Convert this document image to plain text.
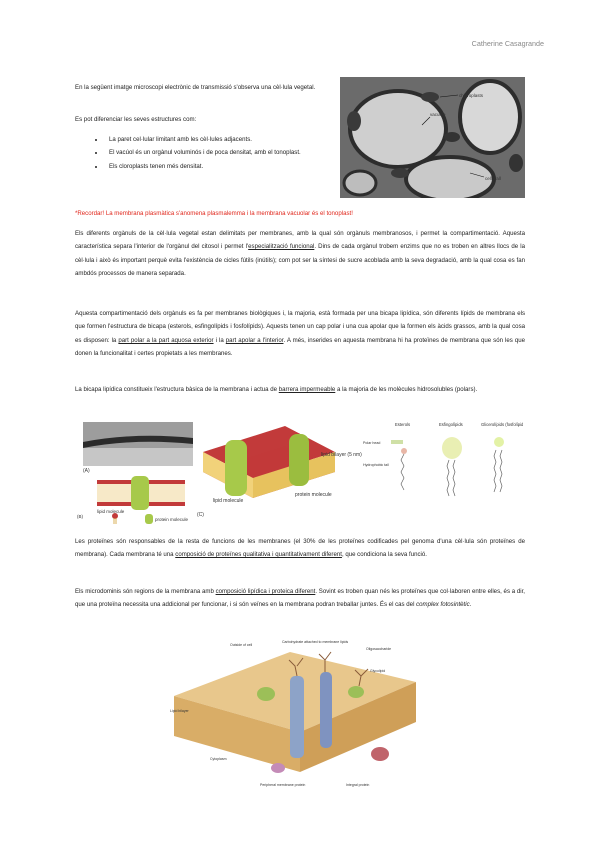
Catherine Casagrande

En la següent imatge microscopi electrònic de transmissió s'observa una cèl·lula vegetal.

Es pot diferenciar les seves estructures com:

• La paret cel·lular limitant amb les cèl·lules adjacents.
• El vacúol és un orgànul voluminós i de poca densitat, amb el tonoplast.
• Els cloroplasts tenen més densitat.
chloroplasts
vacuole
cell wall

*Recordar! La membrana plasmàtica s'anomena plasmalemma i la membrana vacuolar és el tonoplast!

Els diferents orgànuls de la cèl·lula vegetal estan delimitats per membranes, amb la qual són orgànuls membranosos, i permet la compartimentació. Aquesta característica separa l'interior de l'orgànul del citosol i permet l'especialització funcional. Dins de cada orgànul trobem enzims que no es troben en altres llocs de la cèl·lula i això és important perquè evita l'existència de cicles fútils (inútils); com pot ser la síntesi de sucre acoblada amb la seva degradació, amb la qual cosa es fan ambdós processos de manera separada.

Aquesta compartimentació dels orgànuls es fa per membranes biològiques i, la majoria, està formada per una bicapa lipídica, són diferents lípids de membrana els que formen l'estructura de bicapa (esterols, esfingolípids i fosfolípids). Aquests tenen un cap polar i una cua apolar que la formen els àcids grassos, amb la qual cosa es disposen: la part polar a la part aquosa exterior i la part apolar a l'interior. A més, inserides en aquesta membrana hi ha proteïnes de membrana que són les que donen la funcionalitat i certes propietats a les membranes.

La bicapa lipídica constitueix l'estructura bàsica de la membrana i actua de barrera impermeable a la majoria de les molècules hidrosolubles (polars).

(A)
(B)
lipid molecule
protein molecule
(C)
lipid bilayer (5 nm)
lipid molecule
protein molecule
Esterols	Esfingolípids	Glicerolípids (fosfolípids)
Polar head
Hydrophobic tail

Les proteïnes són responsables de la resta de funcions de les membranes (el 30% de les proteïnes codificades pel genoma d'una cèl·lula són proteïnes de membrana). Cada membrana té una composició de proteïnes qualitativa i quantitativament diferent, que condiciona la seva funció.

Els microdominis són regions de la membrana amb composició lipídica i proteica diferent. Sovint es troben quan nés les proteïnes que col·laboren entre elles, és a dir, que una proteïna necessita una addicional per funcionar, i si són veïnes en la membrana podran treballar juntes. És el cas del complex fotosintètic.

Outside of cell
Carbohydrate attached to membrane lipids
Oligosaccharide
Glycolipid
Lipid bilayer
Integral protein
Peripheral membrane protein
Cytoplasm
